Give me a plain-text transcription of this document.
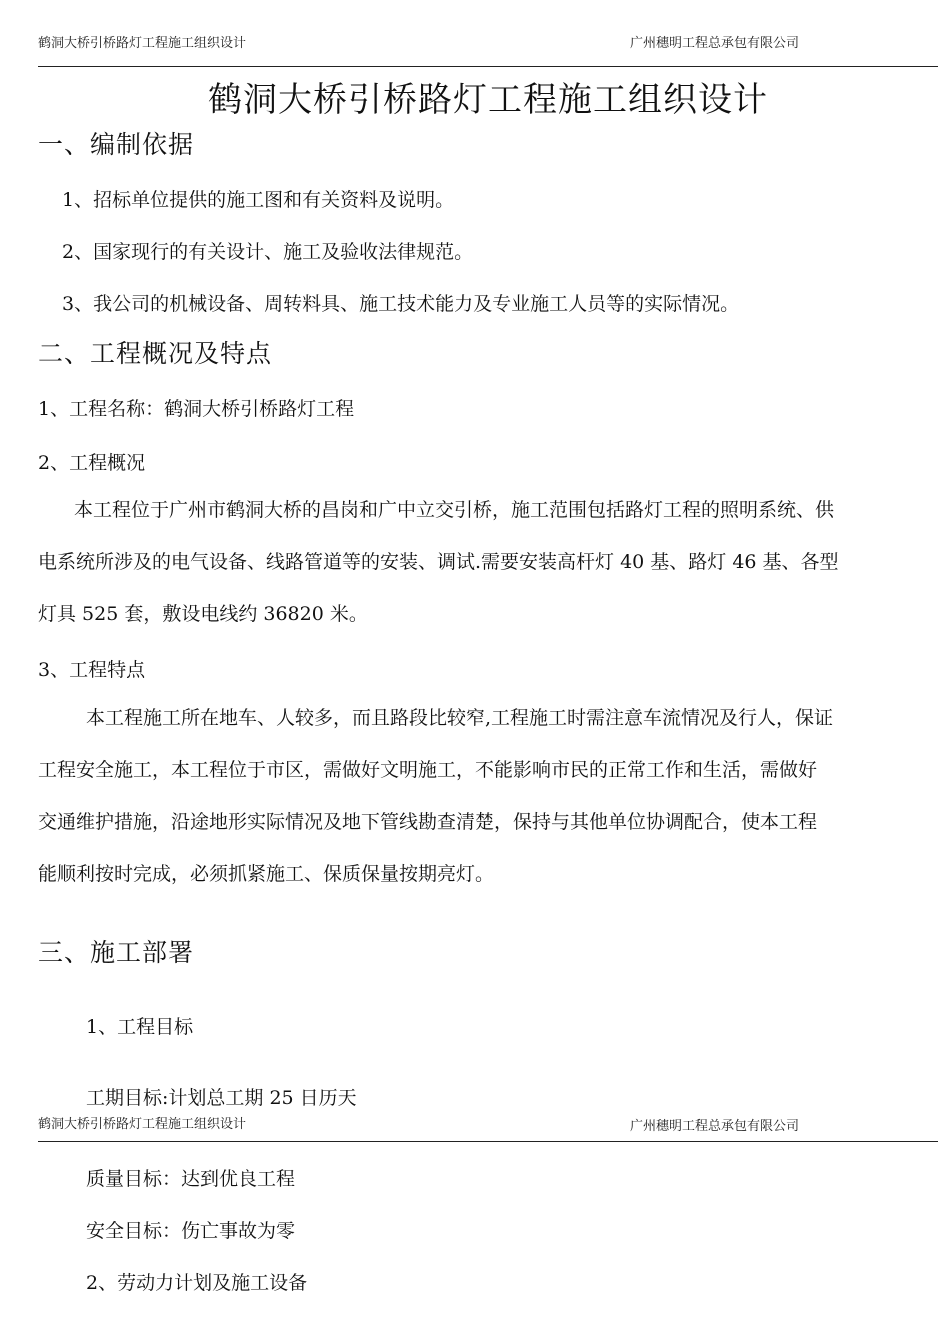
鹤洞大桥引桥路灯工程施工组织设计	广州穗明工程总承包有限公司
鹤洞大桥引桥路灯工程施工组织设计
一、编制依据
1、招标单位提供的施工图和有关资料及说明。
2、国家现行的有关设计、施工及验收法律规范。
3、我公司的机械设备、周转料具、施工技术能力及专业施工人员等的实际情况。
二、工程概况及特点
1、工程名称：鹤洞大桥引桥路灯工程
2、工程概况
本工程位于广州市鹤洞大桥的昌岗和广中立交引桥，施工范围包括路灯工程的照明系统、供
电系统所涉及的电气设备、线路管道等的安装、调试.需要安装高杆灯 40 基、路灯 46 基、各型
灯具 525 套，敷设电线约 36820 米。
3、工程特点
本工程施工所在地车、人较多，而且路段比较窄,工程施工时需注意车流情况及行人，保证
工程安全施工，本工程位于市区，需做好文明施工，不能影响市民的正常工作和生活，需做好
交通维护措施，沿途地形实际情况及地下管线勘查清楚，保持与其他单位协调配合，使本工程
能顺利按时完成，必须抓紧施工、保质保量按期亮灯。
三、施工部署
1、工程目标
工期目标:计划总工期 25 日历天
鹤洞大桥引桥路灯工程施工组织设计	广州穗明工程总承包有限公司
质量目标：达到优良工程
安全目标：伤亡事故为零
2、劳动力计划及施工设备
